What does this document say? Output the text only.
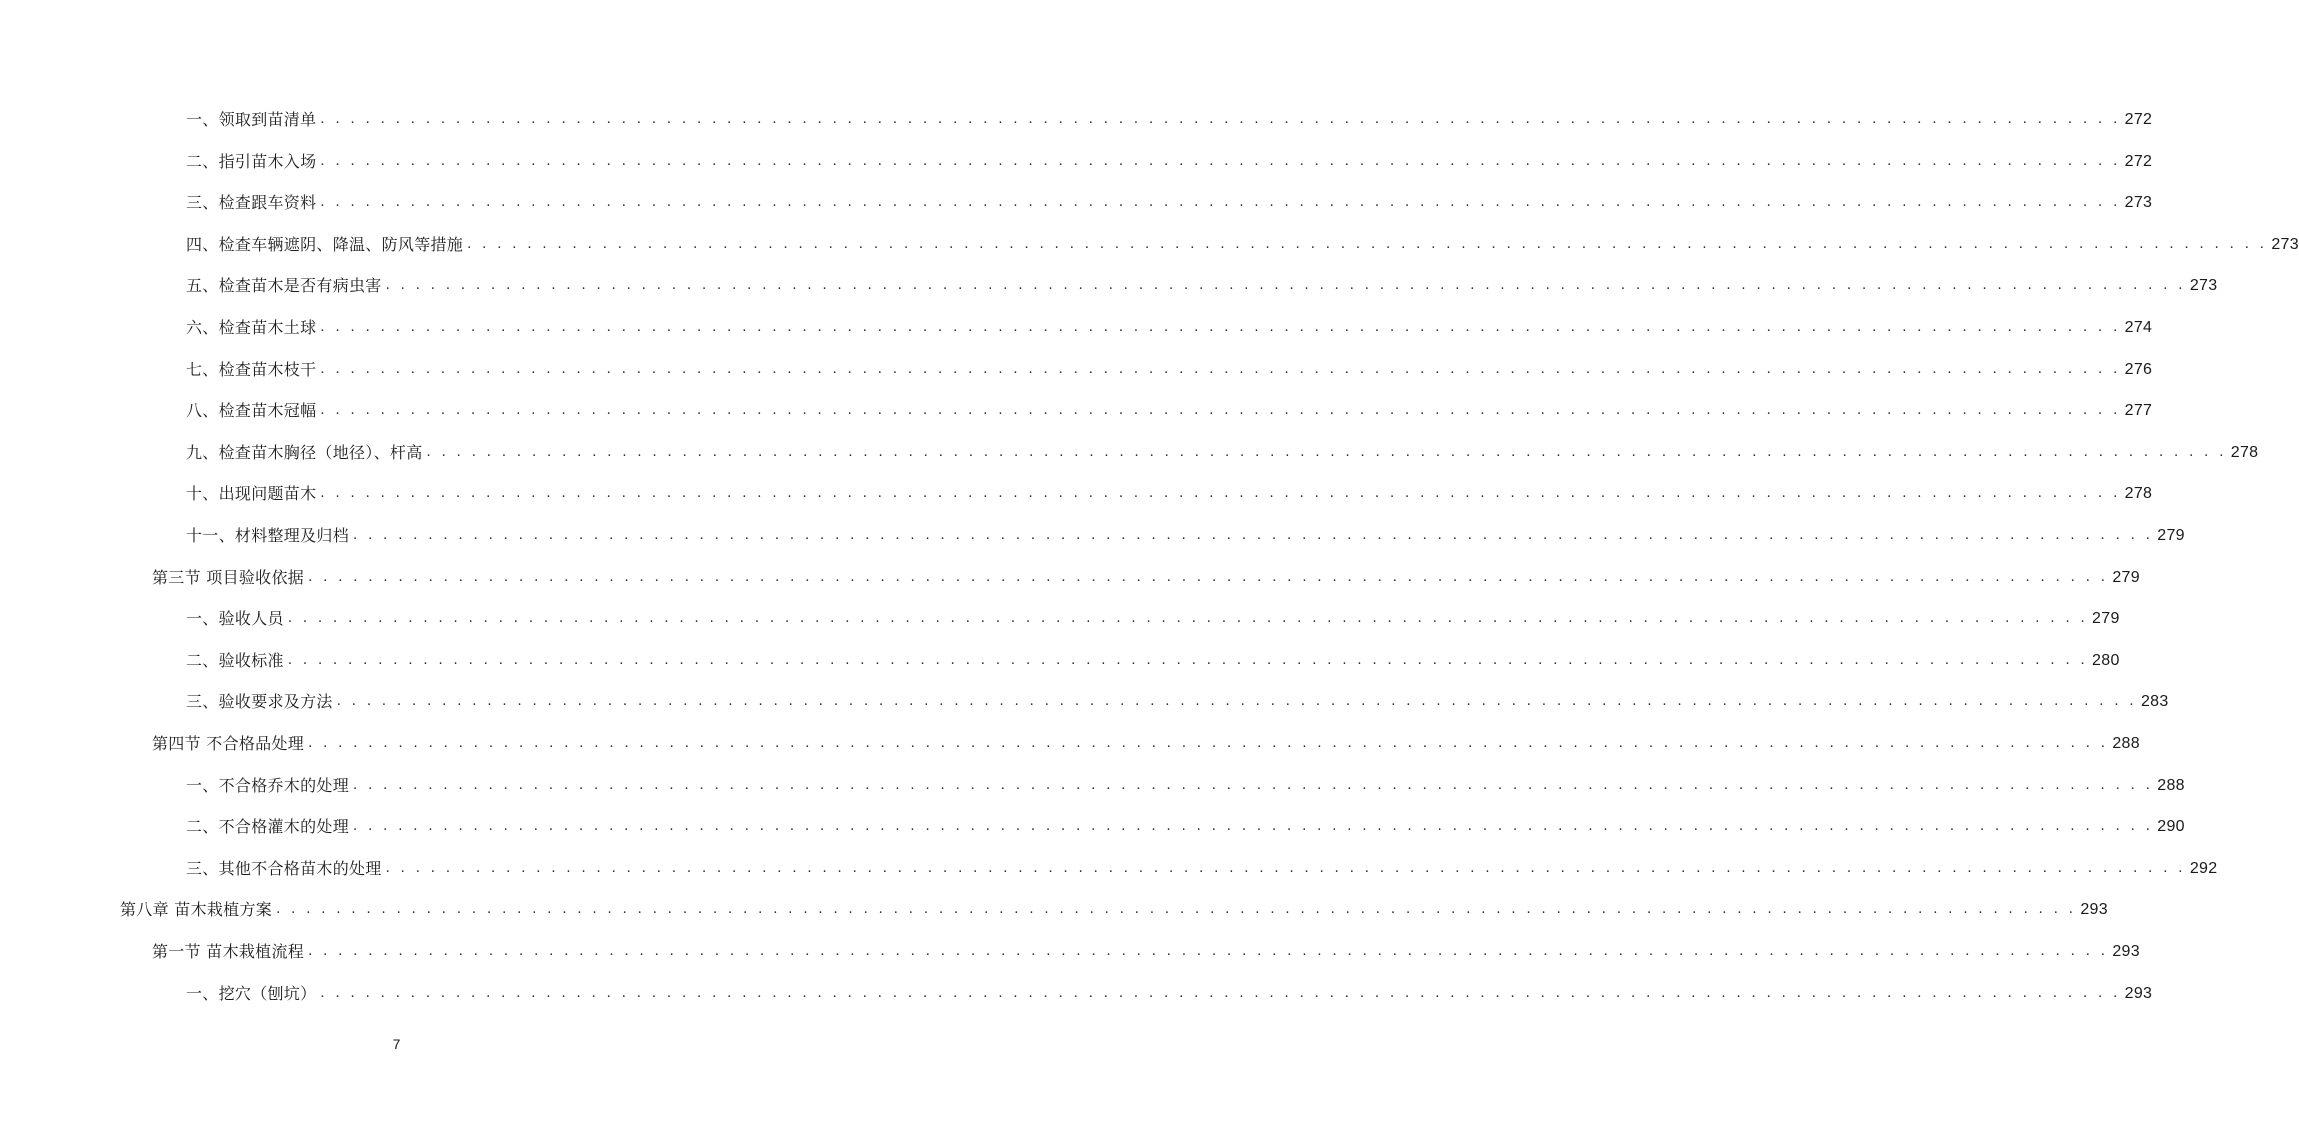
一、领取到苗清单 . . . . . . . . . . . . . . . . . . . . . . . . . . . . . . . . . . . . . . . . . . . . . . . . . . . . . . . . . . . . . . . . . . . . . . . . . . . . . . . . . . . . . . . . . . . . . . . . . . . . . . . . . . . . . . . . . . . . . . . . 272
二、指引苗木入场 . . . . . . . . . . . . . . . . . . . . . . . . . . . . . . . . . . . . . . . . . . . . . . . . . . . . . . . . . . . . . . . . . . . . . . . . . . . . . . . . . . . . . . . . . . . . . . . . . . . . . . . . . . . . . . . . . . . . . . . . 272
三、检查跟车资料 . . . . . . . . . . . . . . . . . . . . . . . . . . . . . . . . . . . . . . . . . . . . . . . . . . . . . . . . . . . . . . . . . . . . . . . . . . . . . . . . . . . . . . . . . . . . . . . . . . . . . . . . . . . . . . . . . . . . . . . . 273
四、检查车辆遮阴、降温、防风等措施 . . . . . . . . . . . . . . . . . . . . . . . . . . . . . . . . . . . . . . . . . . . . . . . . . . . . . . . . . . . . . . . . . . . . . . . . . . . . . . . . . . . . . . . . . . . . . . . . . . . . . . . . . . . . . . . . . . . . . . . . 273
五、检查苗木是否有病虫害 . . . . . . . . . . . . . . . . . . . . . . . . . . . . . . . . . . . . . . . . . . . . . . . . . . . . . . . . . . . . . . . . . . . . . . . . . . . . . . . . . . . . . . . . . . . . . . . . . . . . . . . . . . . . . . . . . . . . . . . . 273
六、检查苗木土球 . . . . . . . . . . . . . . . . . . . . . . . . . . . . . . . . . . . . . . . . . . . . . . . . . . . . . . . . . . . . . . . . . . . . . . . . . . . . . . . . . . . . . . . . . . . . . . . . . . . . . . . . . . . . . . . . . . . . . . . . 274
七、检查苗木枝干 . . . . . . . . . . . . . . . . . . . . . . . . . . . . . . . . . . . . . . . . . . . . . . . . . . . . . . . . . . . . . . . . . . . . . . . . . . . . . . . . . . . . . . . . . . . . . . . . . . . . . . . . . . . . . . . . . . . . . . . . 276
八、检查苗木冠幅 . . . . . . . . . . . . . . . . . . . . . . . . . . . . . . . . . . . . . . . . . . . . . . . . . . . . . . . . . . . . . . . . . . . . . . . . . . . . . . . . . . . . . . . . . . . . . . . . . . . . . . . . . . . . . . . . . . . . . . . . 277
九、检查苗木胸径（地径）、杆高 . . . . . . . . . . . . . . . . . . . . . . . . . . . . . . . . . . . . . . . . . . . . . . . . . . . . . . . . . . . . . . . . . . . . . . . . . . . . . . . . . . . . . . . . . . . . . . . . . . . . . . . . . . . . . . . . . . . . . . . . 278
十、出现问题苗木 . . . . . . . . . . . . . . . . . . . . . . . . . . . . . . . . . . . . . . . . . . . . . . . . . . . . . . . . . . . . . . . . . . . . . . . . . . . . . . . . . . . . . . . . . . . . . . . . . . . . . . . . . . . . . . . . . . . . . . . . 278
十一、材料整理及归档 . . . . . . . . . . . . . . . . . . . . . . . . . . . . . . . . . . . . . . . . . . . . . . . . . . . . . . . . . . . . . . . . . . . . . . . . . . . . . . . . . . . . . . . . . . . . . . . . . . . . . . . . . . . . . . . . . . . . . . . . 279
第三节 项目验收依据 . . . . . . . . . . . . . . . . . . . . . . . . . . . . . . . . . . . . . . . . . . . . . . . . . . . . . . . . . . . . . . . . . . . . . . . . . . . . . . . . . . . . . . . . . . . . . . . . . . . . . . . . . . . . . . . . . . . . . . . . 279
一、验收人员 . . . . . . . . . . . . . . . . . . . . . . . . . . . . . . . . . . . . . . . . . . . . . . . . . . . . . . . . . . . . . . . . . . . . . . . . . . . . . . . . . . . . . . . . . . . . . . . . . . . . . . . . . . . . . . . . . . . . . . . . 279
二、验收标准 . . . . . . . . . . . . . . . . . . . . . . . . . . . . . . . . . . . . . . . . . . . . . . . . . . . . . . . . . . . . . . . . . . . . . . . . . . . . . . . . . . . . . . . . . . . . . . . . . . . . . . . . . . . . . . . . . . . . . . . . 280
三、验收要求及方法 . . . . . . . . . . . . . . . . . . . . . . . . . . . . . . . . . . . . . . . . . . . . . . . . . . . . . . . . . . . . . . . . . . . . . . . . . . . . . . . . . . . . . . . . . . . . . . . . . . . . . . . . . . . . . . . . . . . . . . . . 283
第四节 不合格品处理 . . . . . . . . . . . . . . . . . . . . . . . . . . . . . . . . . . . . . . . . . . . . . . . . . . . . . . . . . . . . . . . . . . . . . . . . . . . . . . . . . . . . . . . . . . . . . . . . . . . . . . . . . . . . . . . . . . . . . . . . 288
一、不合格乔木的处理 . . . . . . . . . . . . . . . . . . . . . . . . . . . . . . . . . . . . . . . . . . . . . . . . . . . . . . . . . . . . . . . . . . . . . . . . . . . . . . . . . . . . . . . . . . . . . . . . . . . . . . . . . . . . . . . . . . . . . . . . 288
二、不合格灌木的处理 . . . . . . . . . . . . . . . . . . . . . . . . . . . . . . . . . . . . . . . . . . . . . . . . . . . . . . . . . . . . . . . . . . . . . . . . . . . . . . . . . . . . . . . . . . . . . . . . . . . . . . . . . . . . . . . . . . . . . . . . 290
三、其他不合格苗木的处理 . . . . . . . . . . . . . . . . . . . . . . . . . . . . . . . . . . . . . . . . . . . . . . . . . . . . . . . . . . . . . . . . . . . . . . . . . . . . . . . . . . . . . . . . . . . . . . . . . . . . . . . . . . . . . . . . . . . . . . . . 292
第八章 苗木栽植方案 . . . . . . . . . . . . . . . . . . . . . . . . . . . . . . . . . . . . . . . . . . . . . . . . . . . . . . . . . . . . . . . . . . . . . . . . . . . . . . . . . . . . . . . . . . . . . . . . . . . . . . . . . . . . . . . . . . . . . . . . 293
第一节 苗木栽植流程 . . . . . . . . . . . . . . . . . . . . . . . . . . . . . . . . . . . . . . . . . . . . . . . . . . . . . . . . . . . . . . . . . . . . . . . . . . . . . . . . . . . . . . . . . . . . . . . . . . . . . . . . . . . . . . . . . . . . . . . . 293
一、挖穴（刨坑） . . . . . . . . . . . . . . . . . . . . . . . . . . . . . . . . . . . . . . . . . . . . . . . . . . . . . . . . . . . . . . . . . . . . . . . . . . . . . . . . . . . . . . . . . . . . . . . . . . . . . . . . . . . . . . . . . . . . . . . . 293
7
